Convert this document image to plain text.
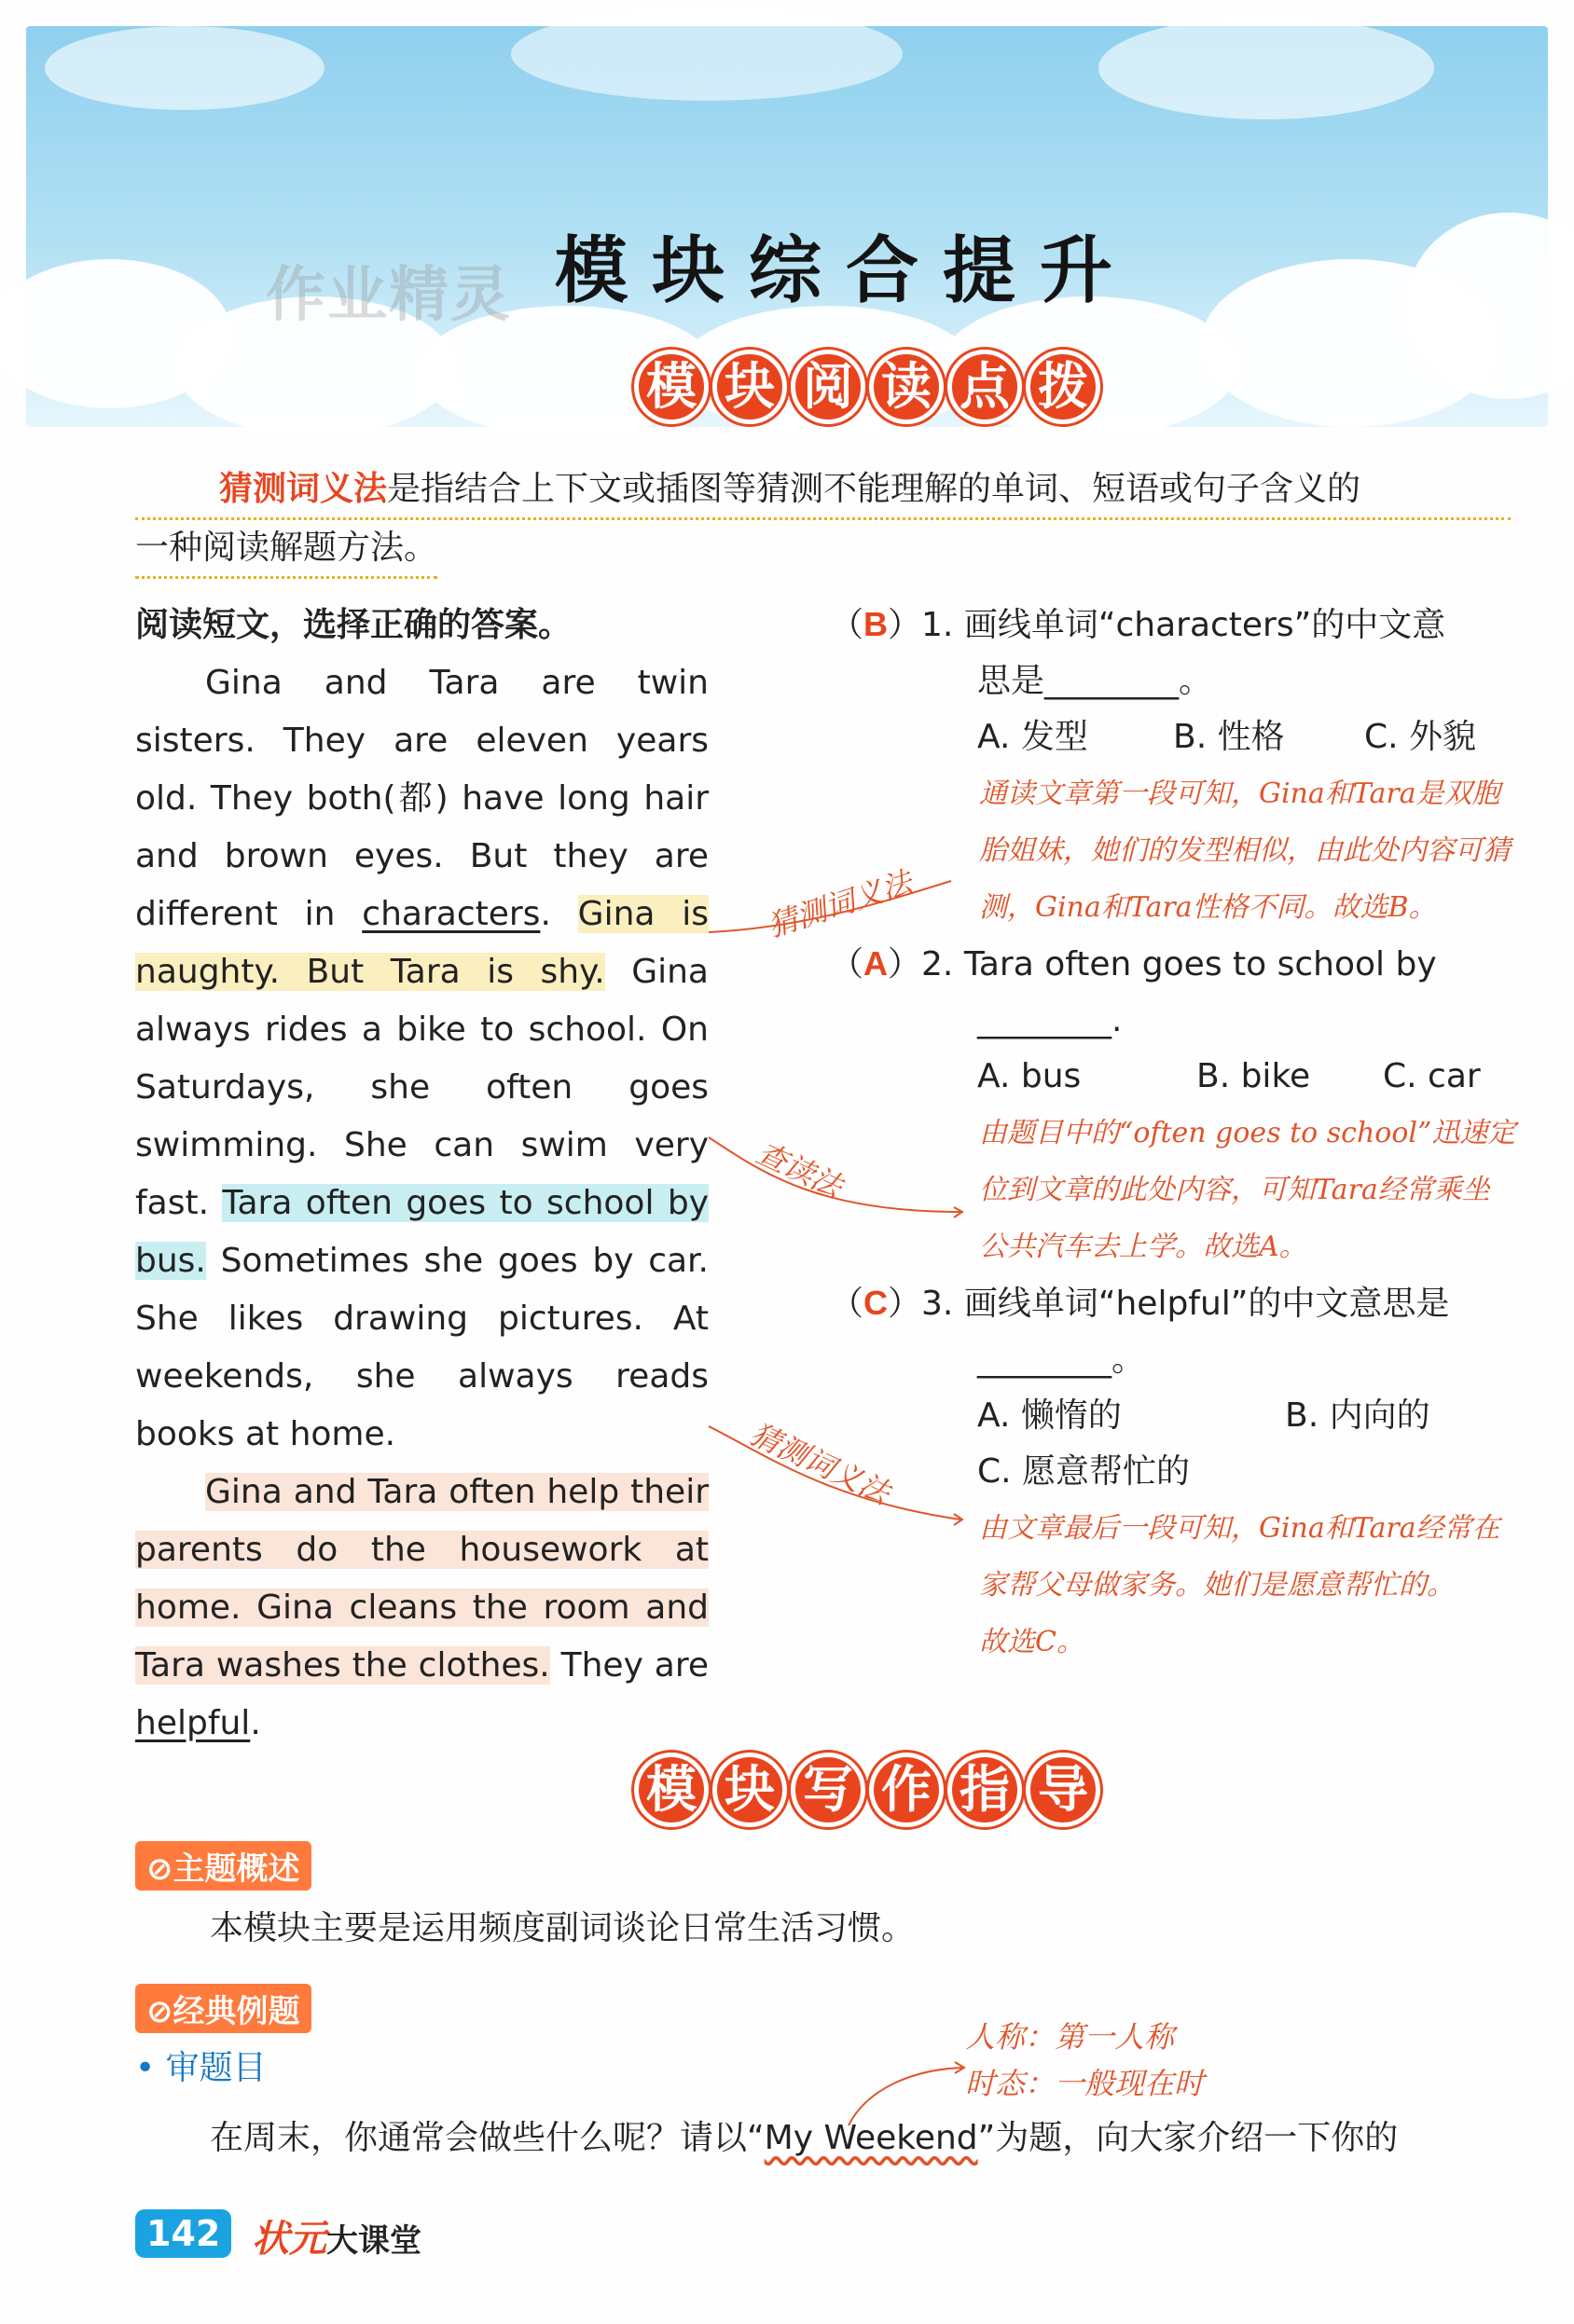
作业精灵 模块综合提升
模 块 阅 读 点 拨
猜测词义法是指结合上下文或插图等猜测不能理解的单词、短语或句子含义的
一种阅读解题方法。

阅读短文，选择正确的答案。

Gina and Tara are twin sisters. They are eleven years old. They both(都) have long hair and brown eyes. But they are different in characters. Gina is naughty. But Tara is shy. Gina always rides a bike to school. On Saturdays, she often goes swimming. She can swim very fast. Tara often goes to school by bus. Sometimes she goes by car. She likes drawing pictures. At weekends, she always reads books at home.

Gina and Tara often help their parents do the housework at home. Gina cleans the room and Tara washes the clothes. They are helpful.

猜测词义法
查读法
猜测词义法
（B）1. 画线单词“characters”的中文意
思是________。
A. 发型	B. 性格	C. 外貌
通读文章第一段可知，Gina和Tara是双胞
胎姐妹，她们的发型相似，由此处内容可猜
测，Gina和Tara性格不同。故选B。
（A）2. Tara often goes to school by
________.
A. bus	B. bike	C. car
由题目中的“often goes to school”迅速定
位到文章的此处内容，可知Tara经常乘坐
公共汽车去上学。故选A。
（C）3. 画线单词“helpful”的中文意思是
________。
A. 懒惰的	B. 内向的
C. 愿意帮忙的
由文章最后一段可知，Gina和Tara经常在
家帮父母做家务。她们是愿意帮忙的。
故选C。
模 块 写 作 指 导
⊘主题概述
本模块主要是运用频度副词谈论日常生活习惯。
⊘经典例题
• 审题目
人称：第一人称
时态：一般现在时
在周末，你通常会做些什么呢？请以“My Weekend”为题，向大家介绍一下你的
142 状元大课堂
